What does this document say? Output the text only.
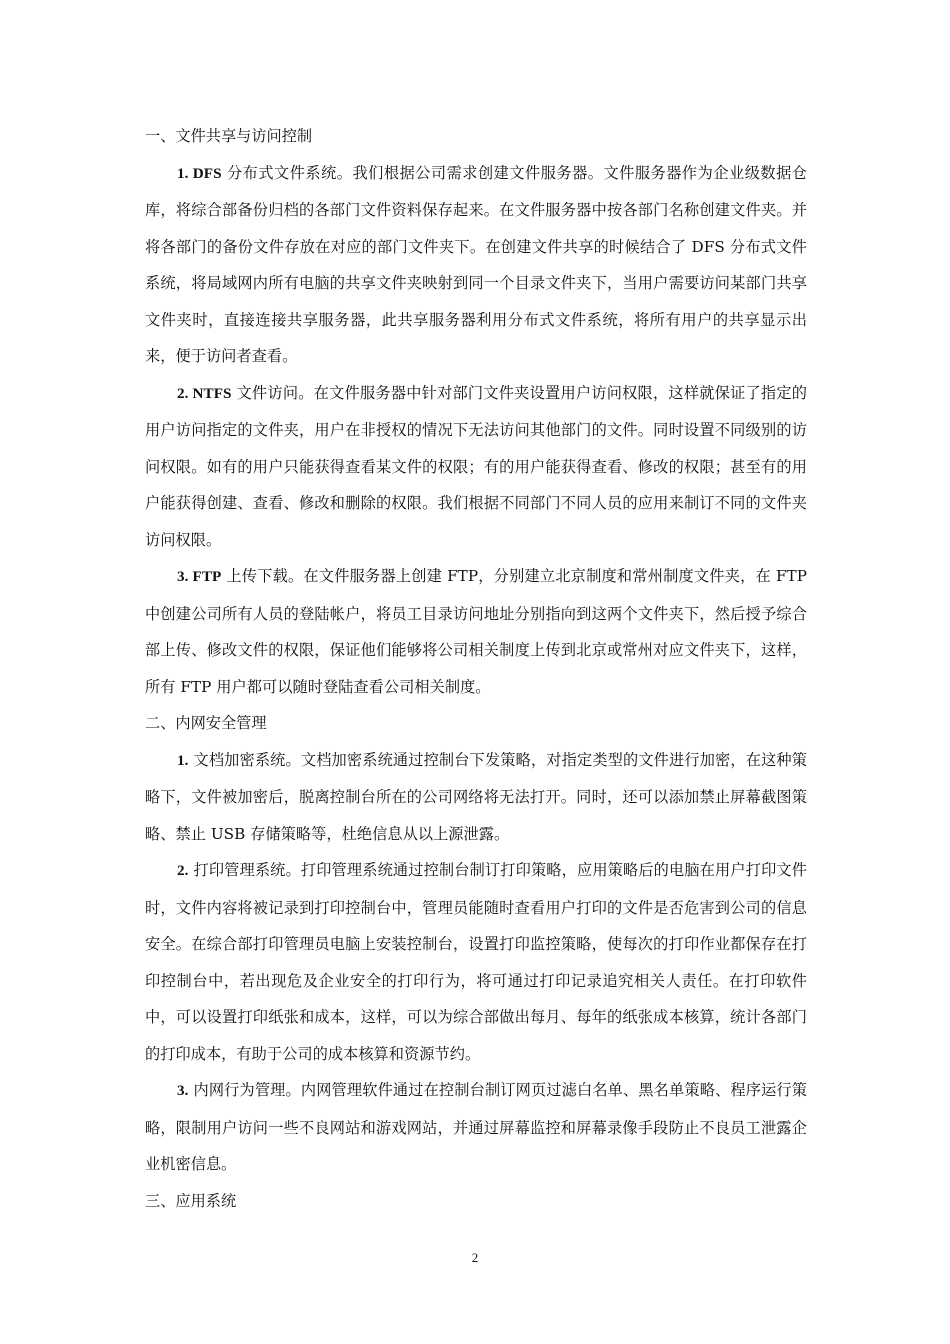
一、文件共享与访问控制

1. DFS 分布式文件系统。我们根据公司需求创建文件服务器。文件服务器作为企业级数据仓库，将综合部备份归档的各部门文件资料保存起来。在文件服务器中按各部门名称创建文件夹。并将各部门的备份文件存放在对应的部门文件夹下。在创建文件共享的时候结合了 DFS 分布式文件系统，将局域网内所有电脑的共享文件夹映射到同一个目录文件夹下，当用户需要访问某部门共享文件夹时，直接连接共享服务器，此共享服务器利用分布式文件系统，将所有用户的共享显示出来，便于访问者查看。

2. NTFS 文件访问。在文件服务器中针对部门文件夹设置用户访问权限，这样就保证了指定的用户访问指定的文件夹，用户在非授权的情况下无法访问其他部门的文件。同时设置不同级别的访问权限。如有的用户只能获得查看某文件的权限；有的用户能获得查看、修改的权限；甚至有的用户能获得创建、查看、修改和删除的权限。我们根据不同部门不同人员的应用来制订不同的文件夹访问权限。

3. FTP 上传下载。在文件服务器上创建 FTP，分别建立北京制度和常州制度文件夹，在 FTP 中创建公司所有人员的登陆帐户，将员工目录访问地址分别指向到这两个文件夹下，然后授予综合部上传、修改文件的权限，保证他们能够将公司相关制度上传到北京或常州对应文件夹下，这样，所有 FTP 用户都可以随时登陆查看公司相关制度。

二、内网安全管理

1. 文档加密系统。文档加密系统通过控制台下发策略，对指定类型的文件进行加密，在这种策略下，文件被加密后，脱离控制台所在的公司网络将无法打开。同时，还可以添加禁止屏幕截图策略、禁止 USB 存储策略等，杜绝信息从以上源泄露。

2. 打印管理系统。打印管理系统通过控制台制订打印策略，应用策略后的电脑在用户打印文件时，文件内容将被记录到打印控制台中，管理员能随时查看用户打印的文件是否危害到公司的信息安全。在综合部打印管理员电脑上安装控制台，设置打印监控策略，使每次的打印作业都保存在打印控制台中，若出现危及企业安全的打印行为，将可通过打印记录追究相关人责任。在打印软件中，可以设置打印纸张和成本，这样，可以为综合部做出每月、每年的纸张成本核算，统计各部门的打印成本，有助于公司的成本核算和资源节约。

3. 内网行为管理。内网管理软件通过在控制台制订网页过滤白名单、黑名单策略、程序运行策略，限制用户访问一些不良网站和游戏网站，并通过屏幕监控和屏幕录像手段防止不良员工泄露企业机密信息。

三、应用系统

2
